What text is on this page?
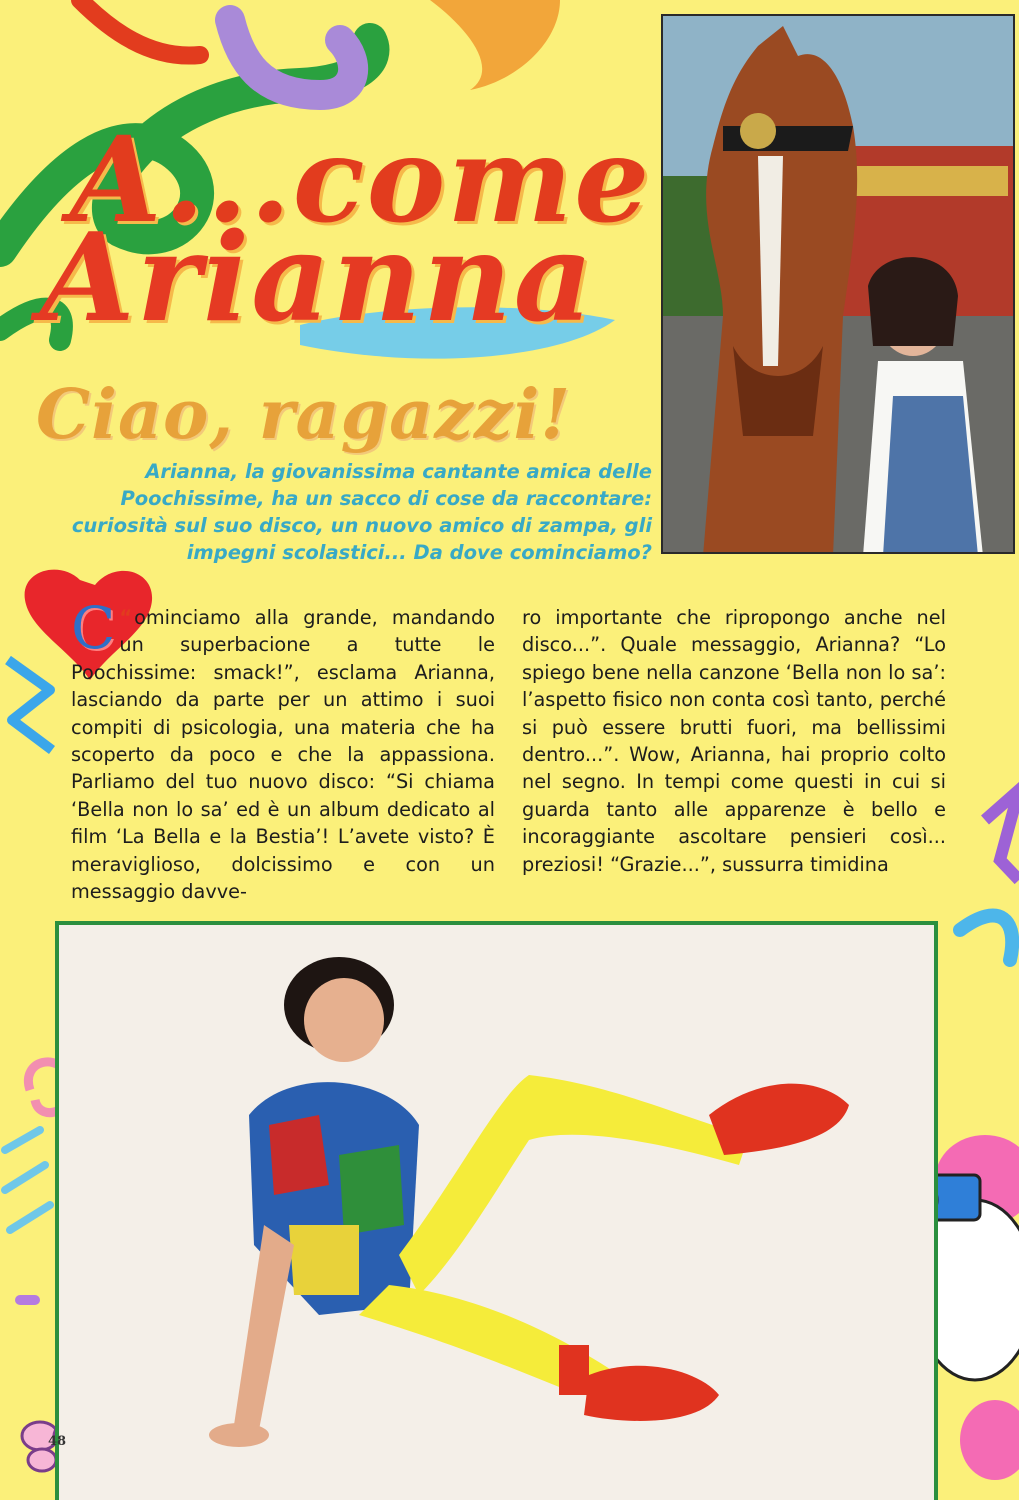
A...come
Arianna
Ciao, ragazzi!

Arianna, la giovanissima cantante amica delle Poochissime, ha un sacco di cose da raccontare: curiosità sul suo disco, un nuovo amico di zampa, gli impegni scolastici... Da dove cominciamo?

“
C ominciamo alla grande, mandando un superbacione a tutte le Poochissime: smack!”, esclama Arianna, lasciando da parte per un attimo i suoi compiti di psicologia, una materia che ha scoperto da poco e che la appassiona. Parliamo del tuo nuovo disco: “Si chiama ‘Bella non lo sa’ ed è un album dedicato al film ‘La Bella e la Bestia’! L’avete visto? È meraviglioso, dolcissimo e con un messaggio davve-

ro importante che ripropongo anche nel disco...”. Quale messaggio, Arianna? “Lo spiego bene nella canzone ‘Bella non lo sa’: l’aspetto fisico non conta così tanto, perché si può essere brutti fuori, ma bellissimi dentro...”. Wow, Arianna, hai proprio colto nel segno. In tempi come questi in cui si guarda tanto alle apparenze è bello e incoraggiante ascoltare pensieri così... preziosi! “Grazie...”, sussurra timidina

48
